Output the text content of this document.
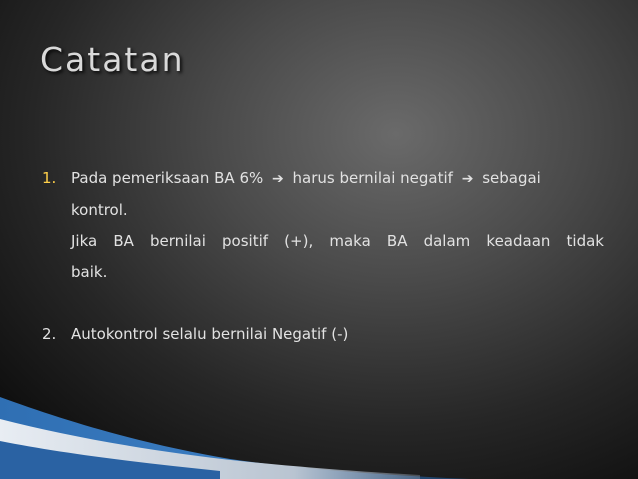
Catatan
1. Pada pemeriksaan BA 6% ➔ harus bernilai negatif ➔ sebagai
kontrol.
Jika BA bernilai positif (+), maka BA dalam keadaan tidak
baik.
2. Autokontrol selalu bernilai Negatif (-)
